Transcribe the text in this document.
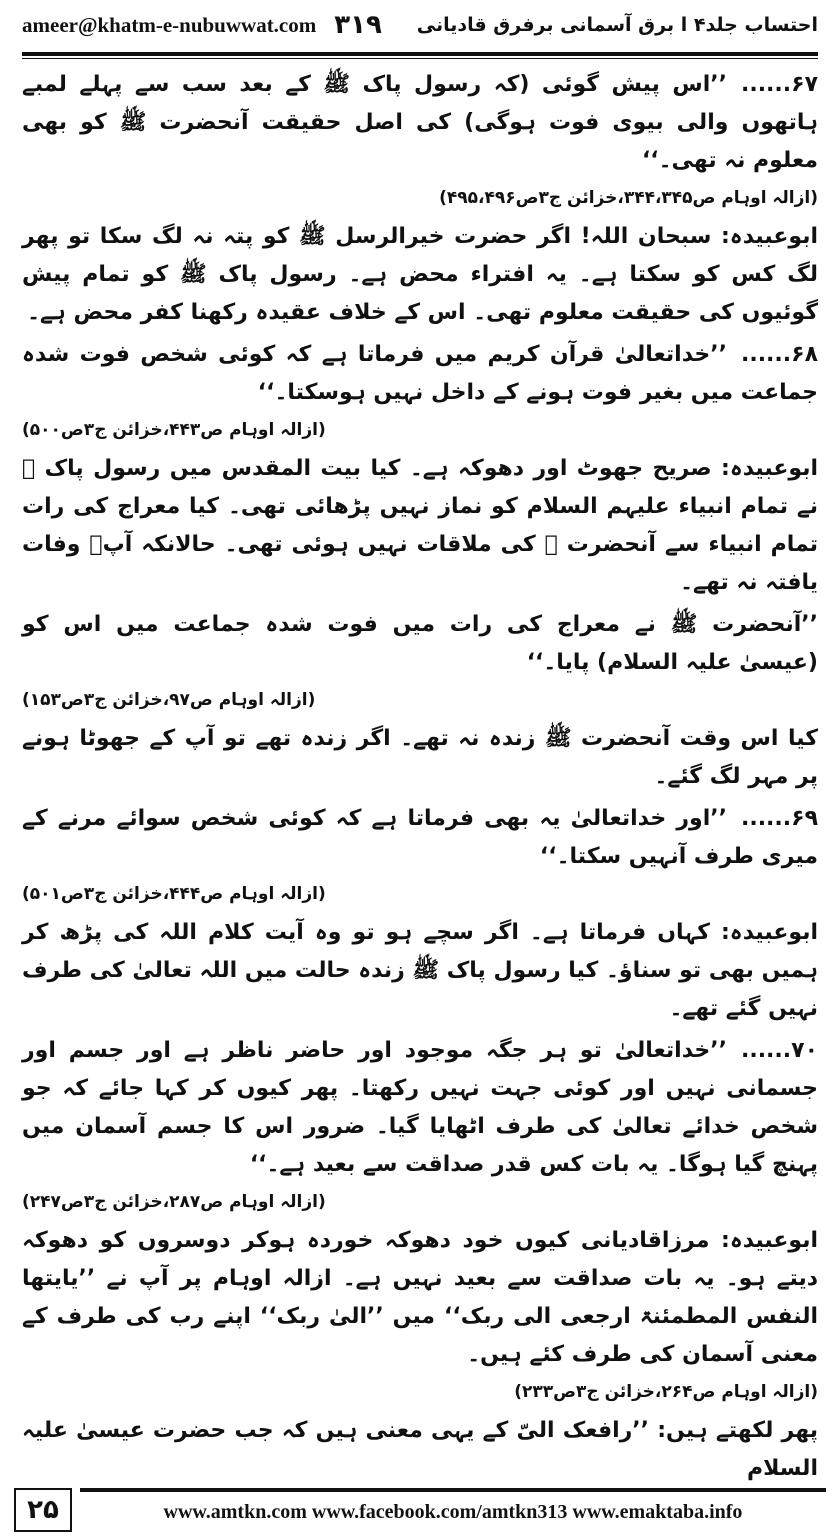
ameer@khatm-e-nubuwwat.com ۳۱۹ احتساب جلد۴ ا برق آسمانی برفرق قادیانی

۶۷......’’اس پیش گوئی (کہ رسول پاک ﷺ کے بعد سب سے پہلے لمبے ہاتھوں والی بیوی فوت ہوگی) کی اصل حقیقت آنحضرت ﷺ کو بھی معلوم نہ تھی۔‘‘

(ازالہ اوہام ص۳۴۴،۳۴۵،خزائن ج۳ص۴۹۵،۴۹۶)

ابوعبیدہ: سبحان اللہ! اگر حضرت خیرالرسل ﷺ کو پتہ نہ لگ سکا تو پھر لگ کس کو سکتا ہے۔ یہ افتراء محض ہے۔ رسول پاک ﷺ کو تمام پیش گوئیوں کی حقیقت معلوم تھی۔ اس کے خلاف عقیدہ رکھنا کفر محض ہے۔

۶۸......’’خداتعالیٰ قرآن کریم میں فرماتا ہے کہ کوئی شخص فوت شدہ جماعت میں بغیر فوت ہونے کے داخل نہیں ہوسکتا۔‘‘

(ازالہ اوہام ص۴۴۳،خزائن ج۳ص۵۰۰)

ابوعبیدہ: صریح جھوٹ اور دھوکہ ہے۔ کیا بیت المقدس میں رسول پاک ﷺ نے تمام انبیاء علیہم السلام کو نماز نہیں پڑھائی تھی۔ کیا معراج کی رات تمام انبیاء سے آنحضرت ﷺ کی ملاقات نہیں ہوئی تھی۔ حالانکہ آپؐ وفات یافتہ نہ تھے۔

’’آنحضرت ﷺ نے معراج کی رات میں فوت شدہ جماعت میں اس کو (عیسیٰ علیہ السلام) پایا۔‘‘

(ازالہ اوہام ص۹۷،خزائن ج۳ص۱۵۳)

کیا اس وقت آنحضرت ﷺ زندہ نہ تھے۔ اگر زندہ تھے تو آپ کے جھوٹا ہونے پر مہر لگ گئے۔

۶۹......’’اور خداتعالیٰ یہ بھی فرماتا ہے کہ کوئی شخص سوائے مرنے کے میری طرف آنہیں سکتا۔‘‘

(ازالہ اوہام ص۴۴۴،خزائن ج۳ص۵۰۱)

ابوعبیدہ: کہاں فرماتا ہے۔ اگر سچے ہو تو وہ آیت کلام اللہ کی پڑھ کر ہمیں بھی تو سناؤ۔ کیا رسول پاک ﷺ زندہ حالت میں اللہ تعالیٰ کی طرف نہیں گئے تھے۔

۷۰......’’خداتعالیٰ تو ہر جگہ موجود اور حاضر ناظر ہے اور جسم اور جسمانی نہیں اور کوئی جہت نہیں رکھتا۔ پھر کیوں کر کہا جائے کہ جو شخص خدائے تعالیٰ کی طرف اٹھایا گیا۔ ضرور اس کا جسم آسمان میں پہنچ گیا ہوگا۔ یہ بات کس قدر صداقت سے بعید ہے۔‘‘

(ازالہ اوہام ص۲۸۷،خزائن ج۳ص۲۴۷)

ابوعبیدہ: مرزاقادیانی کیوں خود دھوکہ خوردہ ہوکر دوسروں کو دھوکہ دیتے ہو۔ یہ بات صداقت سے بعید نہیں ہے۔ ازالہ اوہام پر آپ نے ’’یایتھا النفس المطمئنۃ ارجعی الی ربک‘‘ میں ’’الیٰ ربک‘‘ اپنے رب کی طرف کے معنی آسمان کی طرف کئے ہیں۔

(ازالہ اوہام ص۲۶۴،خزائن ج۳ص۲۳۳)

پھر لکھتے ہیں: ’’رافعک الیّ کے یہی معنی ہیں کہ جب حضرت عیسیٰ علیہ السلام

۲۵	www.amtkn.com www.facebook.com/amtkn313 www.emaktaba.info
